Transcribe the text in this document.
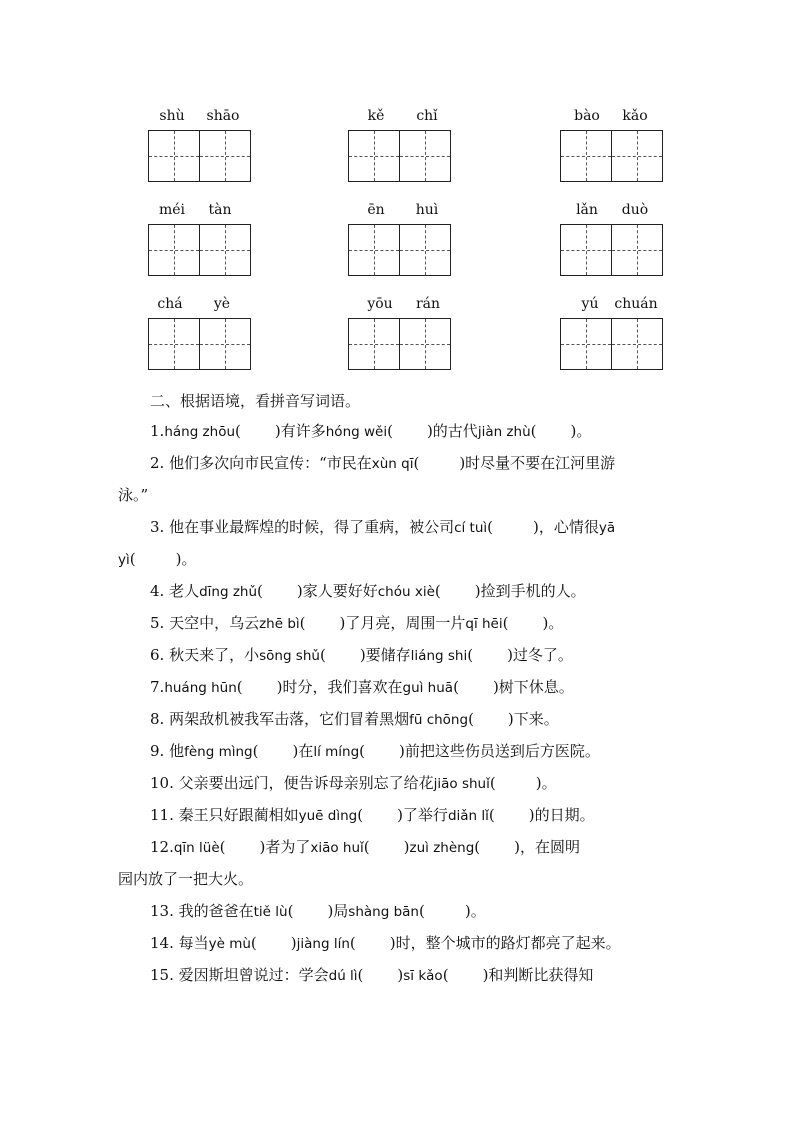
shù shāo	kě chǐ	bào kǎo
méi tàn	ēn huì	lǎn duò
chá yè	yōu rán	yú chuán
二、根据语境，看拼音写词语。
1.háng zhōu( )有许多hóng wěi( )的古代jiàn zhù( )。
2. 他们多次向市民宣传：“市民在xùn qī(	)时尽量不要在江河里游
泳。”
3. 他在事业最辉煌的时候，得了重病，被公司cí tuì(	)，心情很yā
yì(	)。
4. 老人dīng zhǔ( )家人要好好chóu xiè( )捡到手机的人。
5. 天空中，乌云zhē bì( )了月亮，周围一片qī hēi( )。
6. 秋天来了，小sōng shǔ( )要储存liáng shi( )过冬了。
7.huáng hūn( )时分，我们喜欢在guì huā( )树下休息。
8. 两架敌机被我军击落，它们冒着黑烟fū chōng( )下来。
9. 他fèng mìng( )在lí míng( )前把这些伤员送到后方医院。
10. 父亲要出远门，便告诉母亲别忘了给花jiāo shuǐ(	)。
11. 秦王只好跟蔺相如yuē dìng( )了举行diǎn lǐ( )的日期。
12.qīn lüè( )者为了xiāo huǐ( )zuì zhèng( )，在圆明
园内放了一把大火。
13. 我的爸爸在tiě lù( )局shàng bān(	)。
14. 每当yè mù( )jiàng lín( )时，整个城市的路灯都亮了起来。
15. 爱因斯坦曾说过：学会dú lì( )sī kǎo( )和判断比获得知
